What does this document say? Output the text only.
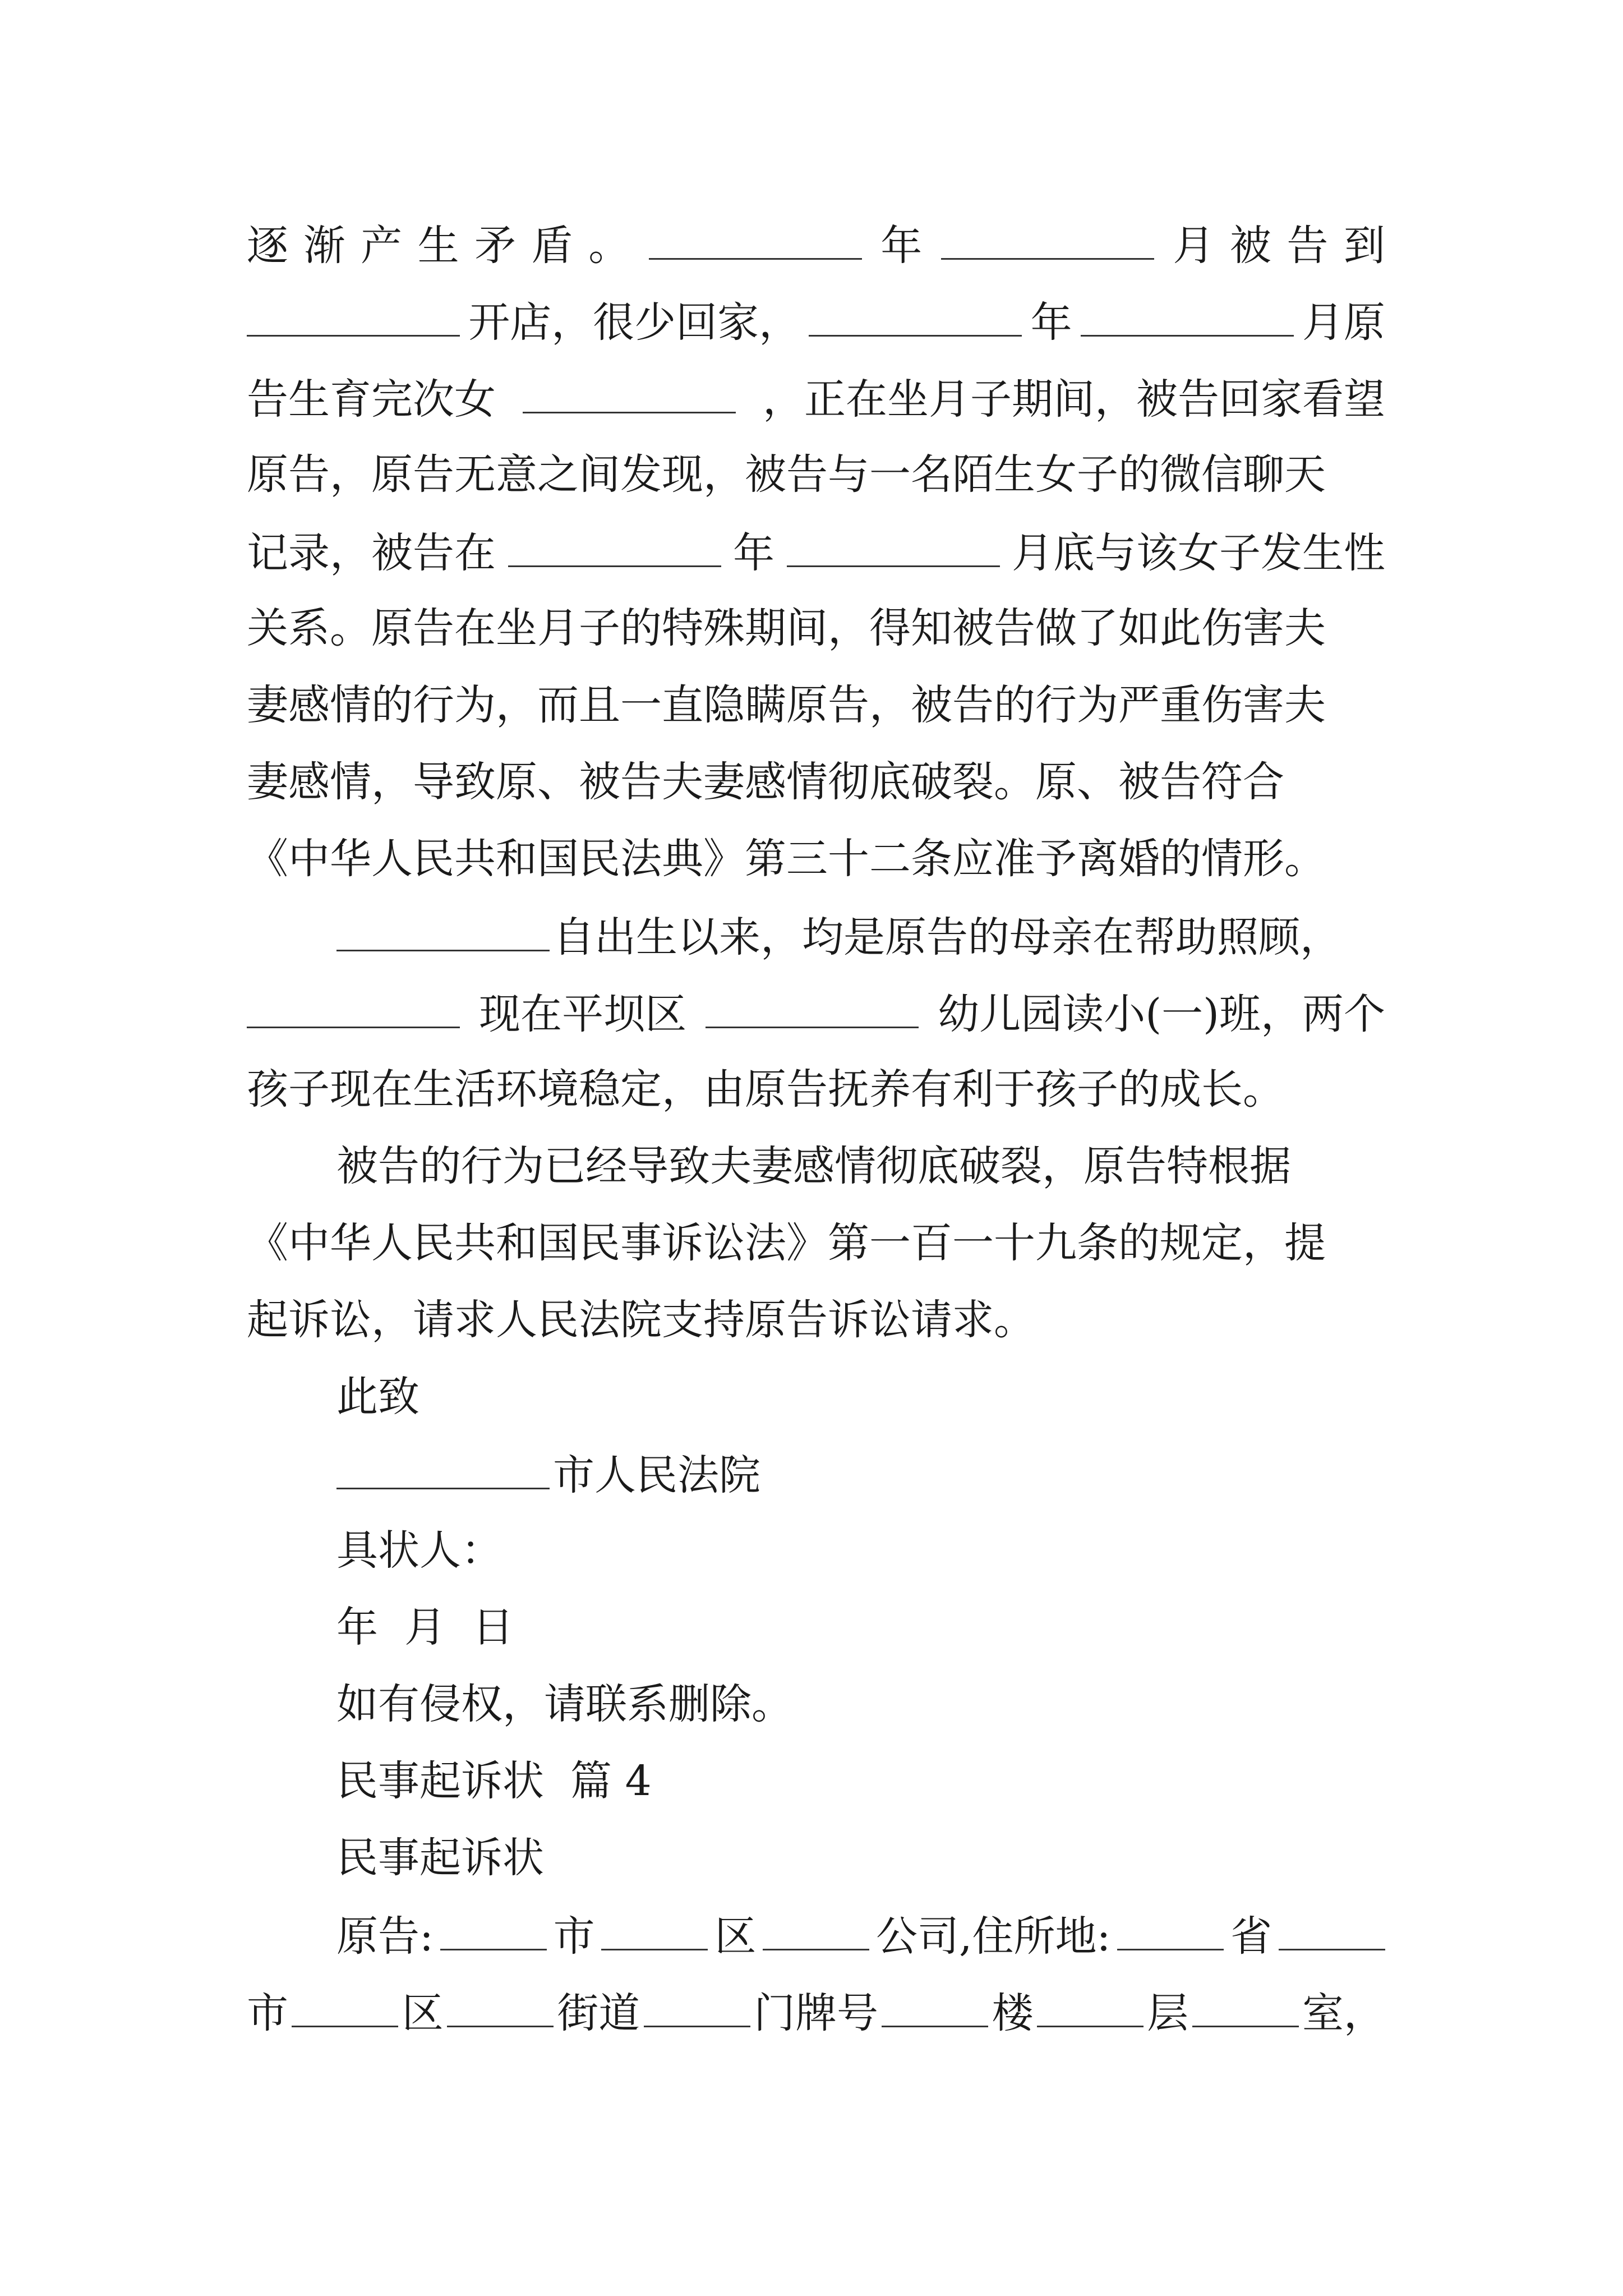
逐 渐 产 生 矛 盾 。	年	月 被 告 到
开店，很少回家，	年	月原
告生育完次女	，正在坐月子期间，被告回家看望
原告，原告无意之间发现，被告与一名陌生女子的微信聊天
记录，被告在	年	月底与该女子发生性
关系。原告在坐月子的特殊期间，得知被告做了如此伤害夫
妻感情的行为，而且一直隐瞒原告，被告的行为严重伤害夫
妻感情，导致原、被告夫妻感情彻底破裂。原、被告符合
《中华人民共和国民法典》第三十二条应准予离婚的情形。
自出生以来，均是原告的母亲在帮助照顾，
现在平坝区	幼儿园读小(一)班，两个
孩子现在生活环境稳定，由原告抚养有利于孩子的成长。
被告的行为已经导致夫妻感情彻底破裂，原告特根据
《中华人民共和国民事诉讼法》第一百一十九条的规定，提
起诉讼，请求人民法院支持原告诉讼请求。
此致
市人民法院
具状人：
年  月  日
如有侵权，请联系删除。
民事起诉状  篇 4
民事起诉状
原告:	市	区	公司,住所地:	省
市	区	街道	门牌号	楼	层	室，
